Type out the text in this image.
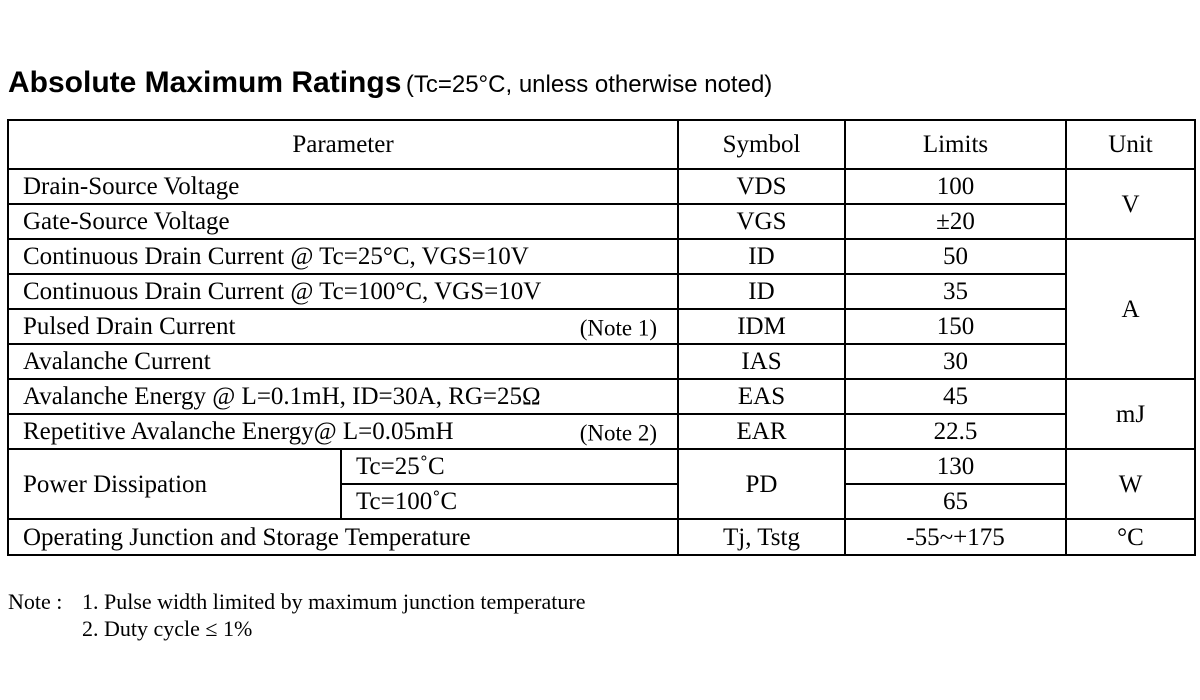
Absolute Maximum Ratings (Tc=25°C, unless otherwise noted)
Parameter		Symbol	Limits	Unit
Drain-Source Voltage		VDS	100	V
Gate-Source Voltage		VGS	±20	
Continuous Drain Current @ Tc=25°C, VGS=10V		ID	50	A
Continuous Drain Current @ Tc=100°C, VGS=10V		ID	35	
Pulsed Drain Current (Note 1)		IDM	150	
Avalanche Current		IAS	30	
Avalanche Energy @ L=0.1mH, ID=30A, RG=25Ω		EAS	45	mJ
Repetitive Avalanche Energy@ L=0.05mH (Note 2)		EAR	22.5	
Power Dissipation	Tc=25˚C	PD	130	W
	Tc=100˚C		65	
Operating Junction and Storage Temperature		Tj, Tstg	-55~+175	°C
Note : 1. Pulse width limited by maximum junction temperature
2. Duty cycle ≤ 1%
